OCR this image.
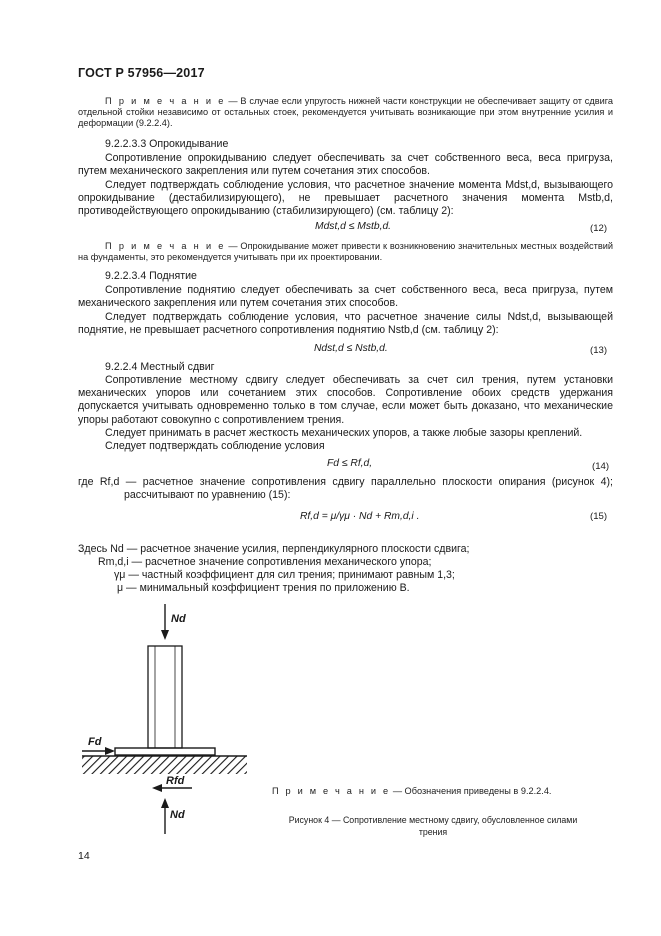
ГОСТ Р 57956—2017
П р и м е ч а н и е — В случае если упругость нижней части конструкции не обеспечивает защиту от сдвига отдельной стойки независимо от остальных стоек, рекомендуется учитывать возникающие при этом внутренние усилия и деформации (9.2.2.4).
9.2.2.3.3 Опрокидывание
Сопротивление опрокидыванию следует обеспечивать за счет собственного веса, веса пригруза, путем механического закрепления или путем сочетания этих способов.
Следует подтверждать соблюдение условия, что расчетное значение момента Mdst,d, вызывающего опрокидывание (дестабилизирующего), не превышает расчетного значения момента Mstb,d, противодействующего опрокидыванию (стабилизирующего) (см. таблицу 2):
Mdst,d ≤ Mstb,d.	(12)
П р и м е ч а н и е — Опрокидывание может привести к возникновению значительных местных воздействий на фундаменты, это рекомендуется учитывать при их проектировании.
9.2.2.3.4 Поднятие
Сопротивление поднятию следует обеспечивать за счет собственного веса, веса пригруза, путем механического закрепления или путем сочетания этих способов.
Следует подтверждать соблюдение условия, что расчетное значение силы Ndst,d, вызывающей поднятие, не превышает расчетного сопротивления поднятию Nstb,d (см. таблицу 2):
Ndst,d ≤ Nstb,d.	(13)
9.2.2.4 Местный сдвиг
Сопротивление местному сдвигу следует обеспечивать за счет сил трения, путем установки механических упоров или сочетанием этих способов. Сопротивление обоих средств удержания допускается учитывать одновременно только в том случае, если может быть доказано, что механические упоры работают совокупно с сопротивлением трения.
Следует принимать в расчет жесткость механических упоров, а также любые зазоры креплений.
Следует подтверждать соблюдение условия
Fd ≤ Rf,d,	(14)
где Rf,d — расчетное значение сопротивления сдвигу параллельно плоскости опирания (рисунок 4); рассчитывают по уравнению (15):
Rf,d = μ/γμ · Nd + Rm,d,i .	(15)
Здесь Nd — расчетное значение усилия, перпендикулярного плоскости сдвига;
Rm,d,i — расчетное значение сопротивления механического упора;
γμ — частный коэффициент для сил трения; принимают равным 1,3;
μ — минимальный коэффициент трения по приложению В.
Nd
Fd
Rfd
Nd
П р и м е ч а н и е — Обозначения приведены в 9.2.2.4.
Рисунок 4 — Сопротивление местному сдвигу, обусловленное силами трения
14
